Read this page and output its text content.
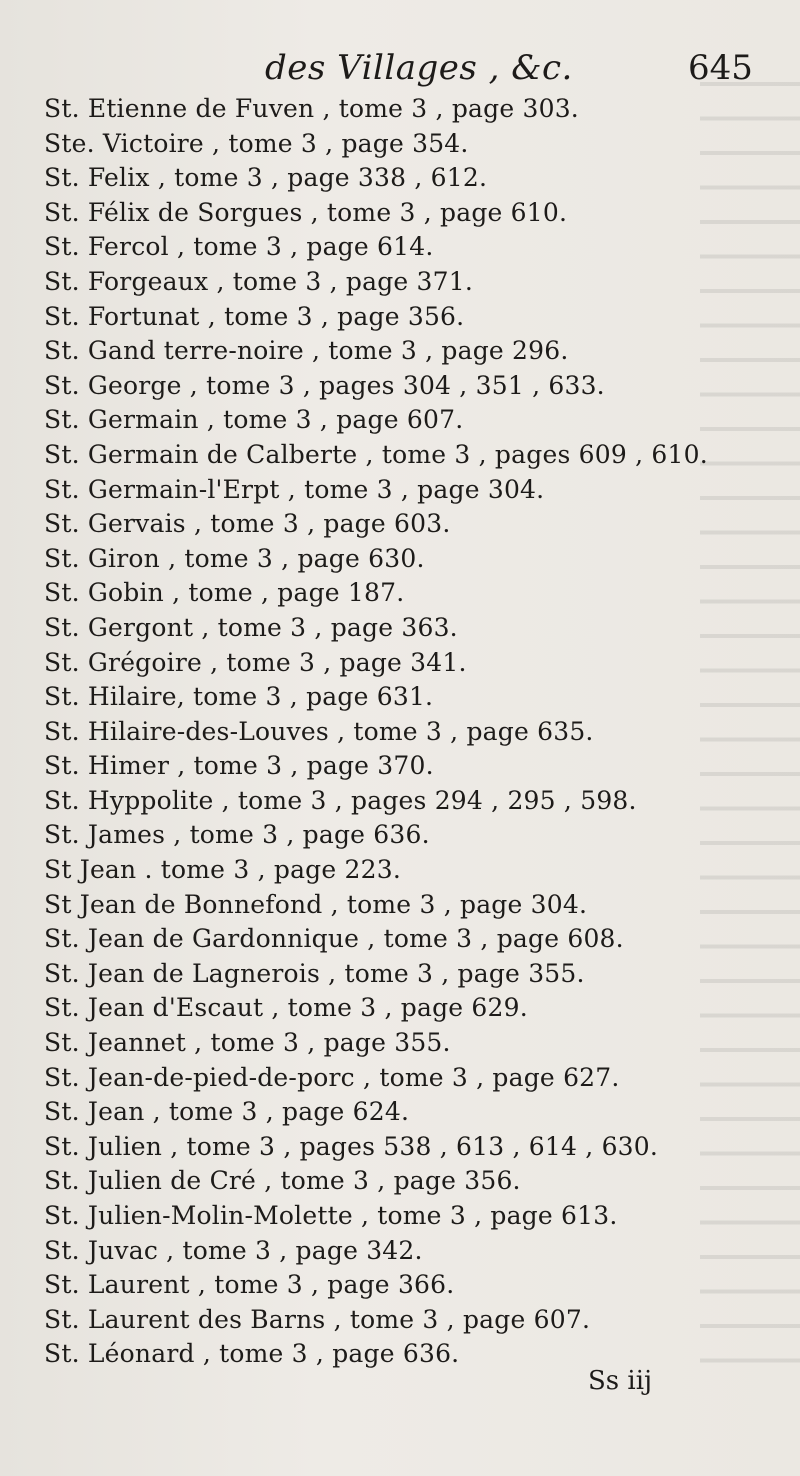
des Villages , &c.	645
St. Etienne de Fuven , tome 3 , page 303.
Ste. Victoire , tome 3 , page 354.
St. Felix , tome 3 , page 338 , 612.
St. Félix de Sorgues , tome 3 , page 610.
St. Fercol , tome 3 , page 614.
St. Forgeaux , tome 3 , page 371.
St. Fortunat , tome 3 , page 356.
St. Gand terre-noire , tome 3 , page 296.
St. George , tome 3 , pages 304 , 351 , 633.
St. Germain , tome 3 , page 607.
St. Germain de Calberte , tome 3 , pages 609 , 610.
St. Germain-l'Erpt , tome 3 , page 304.
St. Gervais , tome 3 , page 603.
St. Giron , tome 3 , page 630.
St. Gobin , tome , page 187.
St. Gergont , tome 3 , page 363.
St. Grégoire , tome 3 , page 341.
St. Hilaire, tome 3 , page 631.
St. Hilaire-des-Louves , tome 3 , page 635.
St. Himer , tome 3 , page 370.
St. Hyppolite , tome 3 , pages 294 , 295 , 598.
St. James , tome 3 , page 636.
St Jean . tome 3 , page 223.
St Jean de Bonnefond , tome 3 , page 304.
St. Jean de Gardonnique , tome 3 , page 608.
St. Jean de Lagnerois , tome 3 , page 355.
St. Jean d'Escaut , tome 3 , page 629.
St. Jeannet , tome 3 , page 355.
St. Jean-de-pied-de-porc , tome 3 , page 627.
St. Jean , tome 3 , page 624.
St. Julien , tome 3 , pages 538 , 613 , 614 , 630.
St. Julien de Cré , tome 3 , page 356.
St. Julien-Molin-Molette , tome 3 , page 613.
St. Juvac , tome 3 , page 342.
St. Laurent , tome 3 , page 366.
St. Laurent des Barns , tome 3 , page 607.
St. Léonard , tome 3 , page 636.
Ss iij
